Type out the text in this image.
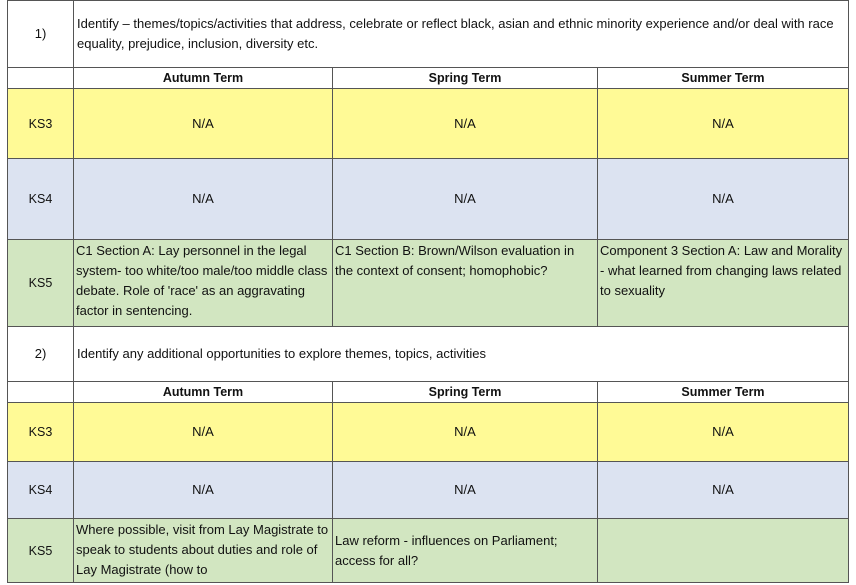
1)	Identify – themes/topics/activities that address, celebrate or reflect black, asian and ethnic minority experience and/or deal with race equality, prejudice, inclusion, diversity etc.		
	Autumn Term	Spring Term	Summer Term
KS3	N/A	N/A	N/A
KS4	N/A	N/A	N/A
KS5	C1 Section A: Lay personnel in the legal system- too white/too male/too middle class debate. Role of 'race' as an aggravating factor in sentencing.	C1 Section B: Brown/Wilson evaluation in the context of consent; homophobic?	Component 3 Section A: Law and Morality - what learned from changing laws related to sexuality
2)	Identify any additional opportunities to explore themes, topics, activities		
	Autumn Term	Spring Term	Summer Term
KS3	N/A	N/A	N/A
KS4	N/A	N/A	N/A
KS5	Where possible, visit from Lay Magistrate to speak to students about duties and role of Lay Magistrate (how to	Law reform - influences on Parliament; access for all?	
